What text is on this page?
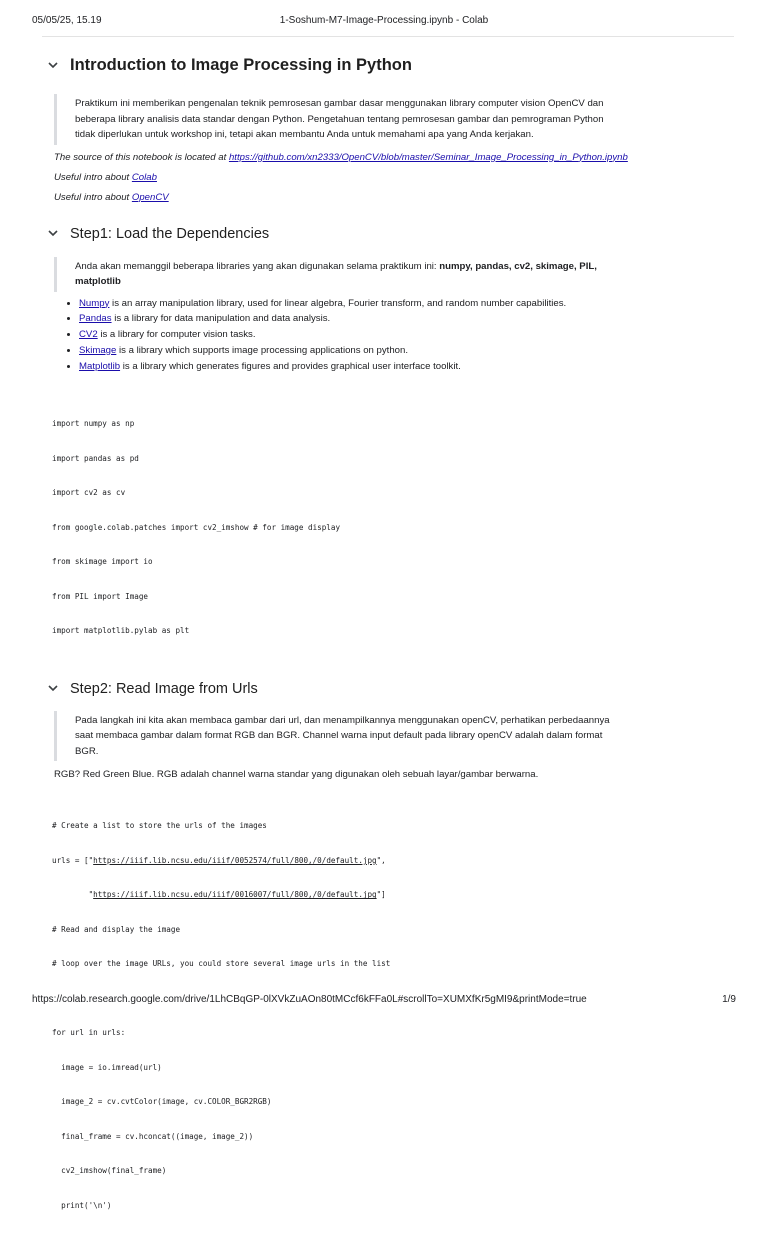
05/05/25, 15.19	1-Soshum-M7-Image-Processing.ipynb - Colab
Introduction to Image Processing in Python
Praktikum ini memberikan pengenalan teknik pemrosesan gambar dasar menggunakan library computer vision OpenCV dan
beberapa library analisis data standar dengan Python. Pengetahuan tentang pemrosesan gambar dan pemrograman Python
tidak diperlukan untuk workshop ini, tetapi akan membantu Anda untuk memahami apa yang Anda kerjakan.
The source of this notebook is located at https://github.com/xn2333/OpenCV/blob/master/Seminar_Image_Processing_in_Python.ipynb
Useful intro about Colab
Useful intro about OpenCV
Step1: Load the Dependencies
Anda akan memanggil beberapa libraries yang akan digunakan selama praktikum ini: numpy, pandas, cv2, skimage, PIL,
matplotlib
• Numpy is an array manipulation library, used for linear algebra, Fourier transform, and random number capabilities.
• Pandas is a library for data manipulation and data analysis.
• CV2 is a library for computer vision tasks.
• Skimage is a library which supports image processing applications on python.
• Matplotlib is a library which generates figures and provides graphical user interface toolkit.

import numpy as np

import pandas as pd

import cv2 as cv

from google.colab.patches import cv2_imshow # for image display

from skimage import io

from PIL import Image

import matplotlib.pylab as plt

Step2: Read Image from Urls
Pada langkah ini kita akan membaca gambar dari url, dan menampilkannya menggunakan openCV, perhatikan perbedaannya
saat membaca gambar dalam format RGB dan BGR. Channel warna input default pada library openCV adalah dalam format
BGR.
RGB? Red Green Blue. RGB adalah channel warna standar yang digunakan oleh sebuah layar/gambar berwarna.

# Create a list to store the urls of the images

urls = ["https://iiif.lib.ncsu.edu/iiif/0052574/full/800,/0/default.jpg",

"https://iiif.lib.ncsu.edu/iiif/0016007/full/800,/0/default.jpg"]

# Read and display the image

# loop over the image URLs, you could store several image urls in the list

for url in urls:

image = io.imread(url)

image_2 = cv.cvtColor(image, cv.COLOR_BGR2RGB)

final_frame = cv.hconcat((image, image_2))

cv2_imshow(final_frame)

print('\n')

https://colab.research.google.com/drive/1LhCBqGP-0lXVkZuAOn80tMCcf6kFFa0L#scrollTo=XUMXfKr5gMI9&printMode=true	1/9
